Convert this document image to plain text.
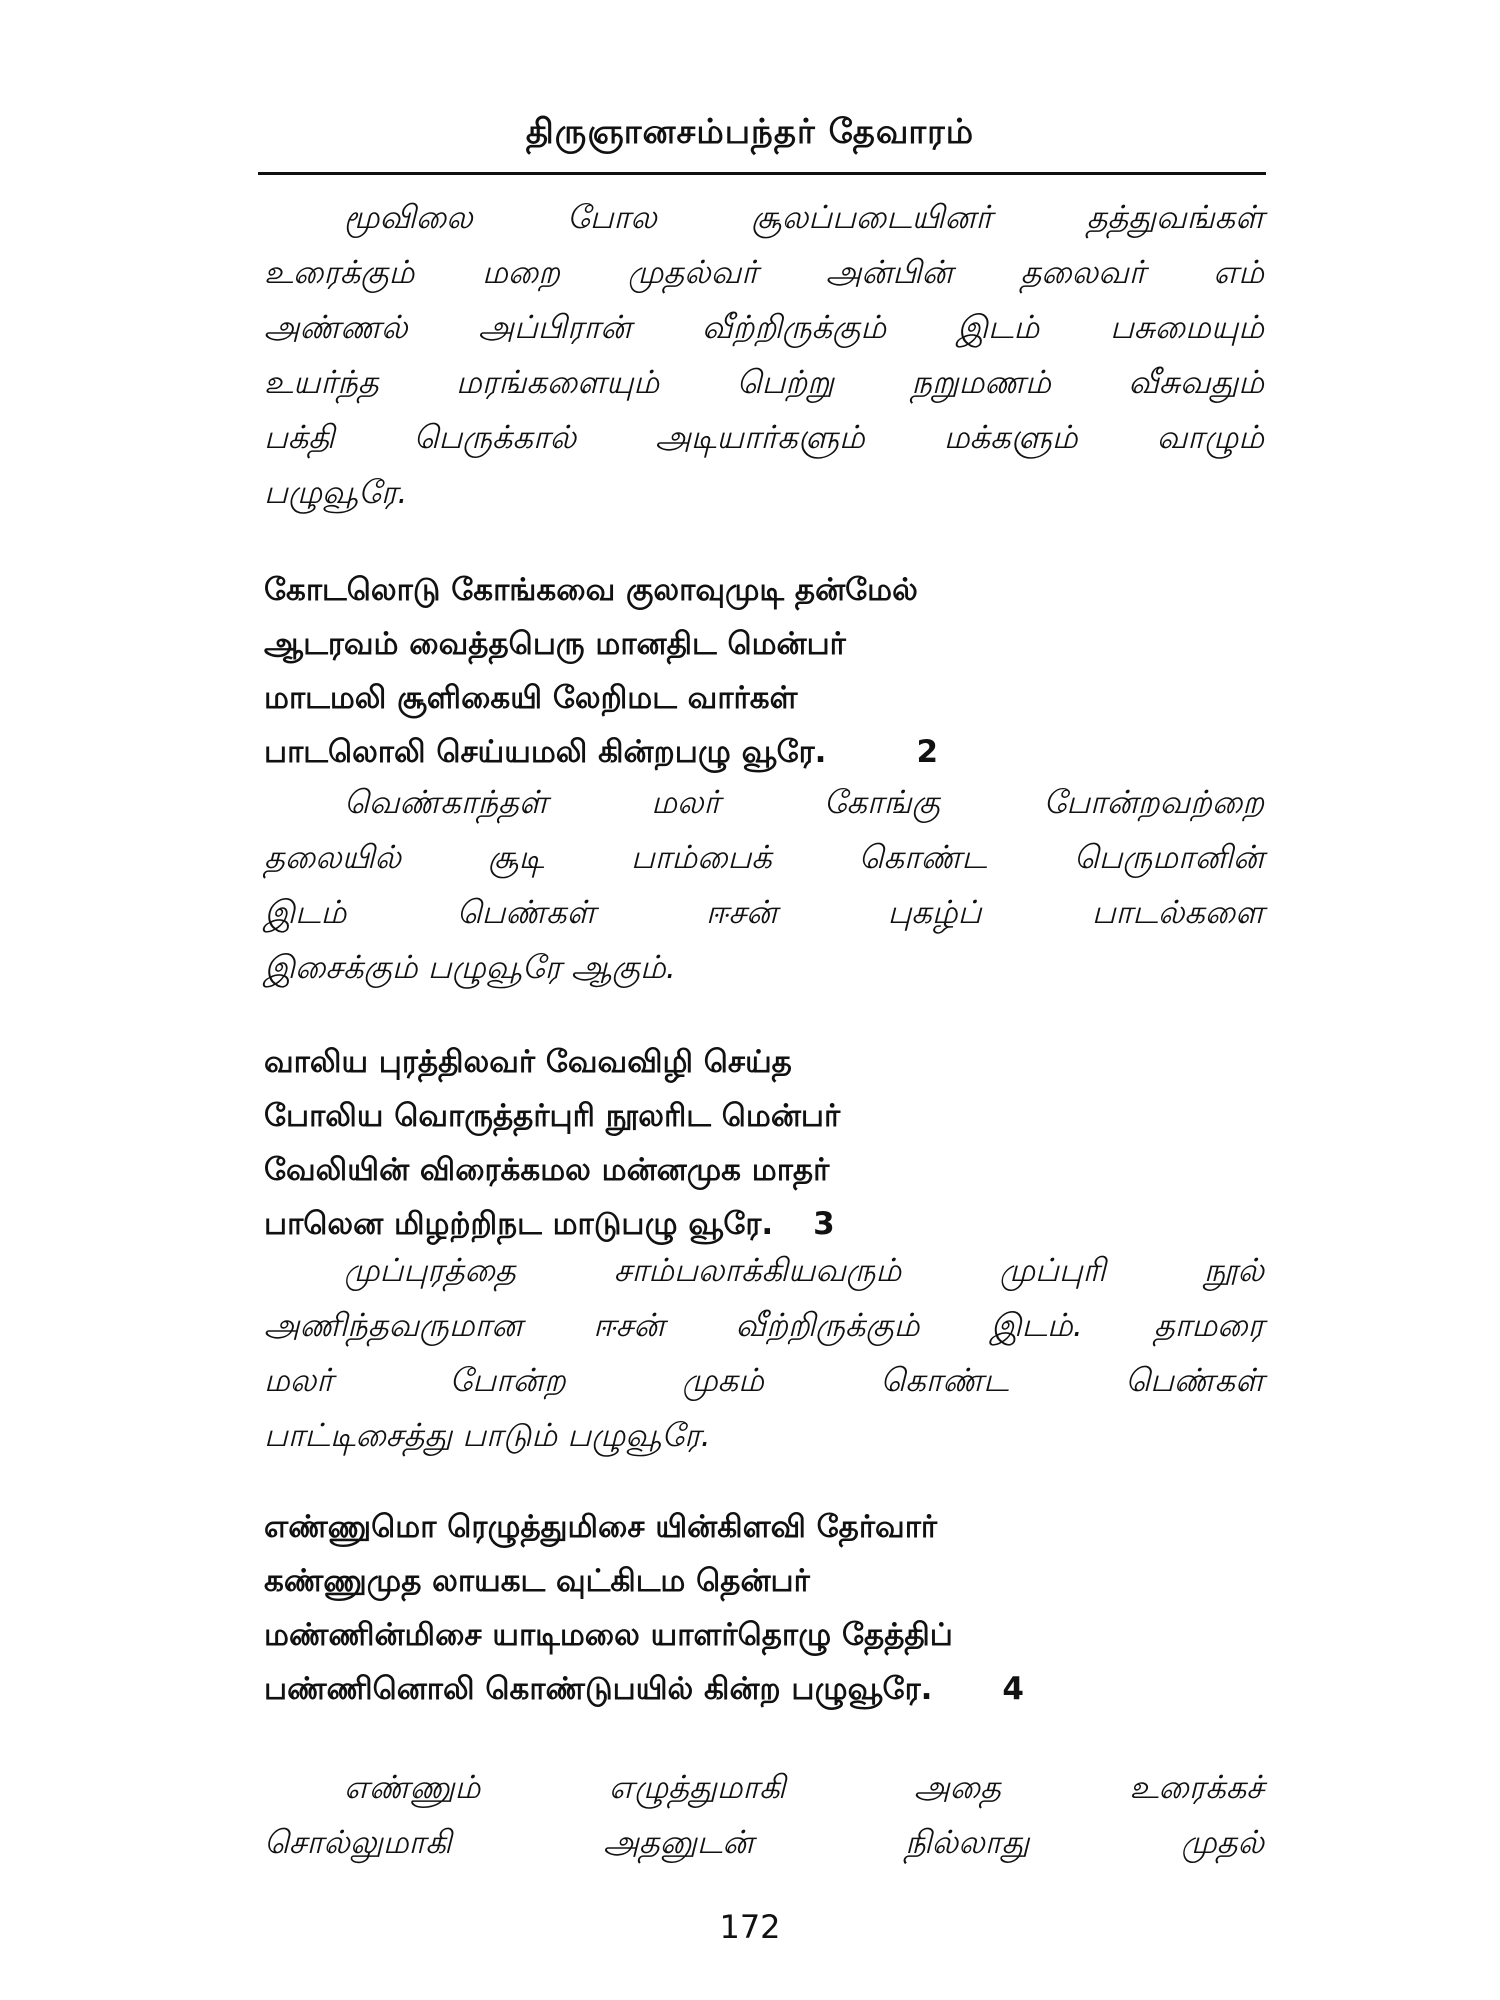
திருஞானசம்பந்தர் தேவாரம்
மூவிலை போல சூலப்படையினர் தத்துவங்கள்
உரைக்கும் மறை முதல்வர் அன்பின் தலைவர் எம்
அண்ணல் அப்பிரான் வீற்றிருக்கும் இடம் பசுமையும்
உயர்ந்த மரங்களையும் பெற்று நறுமணம் வீசுவதும்
பக்தி பெருக்கால் அடியார்களும் மக்களும் வாழும்
பழுவூரே.
கோடலொடு கோங்கவை குலாவுமுடி தன்மேல்
ஆடரவம் வைத்தபெரு மானதிட மென்பர்
மாடமலி சூளிகையி லேறிமட வார்கள்
பாடலொலி செய்யமலி கின்றபழு வூரே.	2
வெண்காந்தள் மலர் கோங்கு போன்றவற்றை
தலையில் சூடி பாம்பைக் கொண்ட பெருமானின்
இடம் பெண்கள் ஈசன் புகழ்ப் பாடல்களை
இசைக்கும் பழுவூரே ஆகும்.
வாலிய புரத்திலவர் வேவவிழி செய்த
போலிய வொருத்தர்புரி நூலரிட மென்பர்
வேலியின் விரைக்கமல மன்னமுக மாதர்
பாலென மிழற்றிநட மாடுபழு வூரே. 3
முப்புரத்தை சாம்பலாக்கியவரும் முப்புரி நூல்
அணிந்தவருமான ஈசன் வீற்றிருக்கும் இடம். தாமரை
மலர் போன்ற முகம் கொண்ட பெண்கள்
பாட்டிசைத்து பாடும் பழுவூரே.
எண்ணுமொ ரெழுத்துமிசை யின்கிளவி தேர்வார்
கண்ணுமுத லாயகட வுட்கிடம தென்பர்
மண்ணின்மிசை யாடிமலை யாளர்தொழு தேத்திப்
பண்ணினொலி கொண்டுபயில் கின்ற பழுவூரே. 4
எண்ணும் எழுத்துமாகி அதை உரைக்கச்
சொல்லுமாகி அதனுடன் நில்லாது முதல்
172
